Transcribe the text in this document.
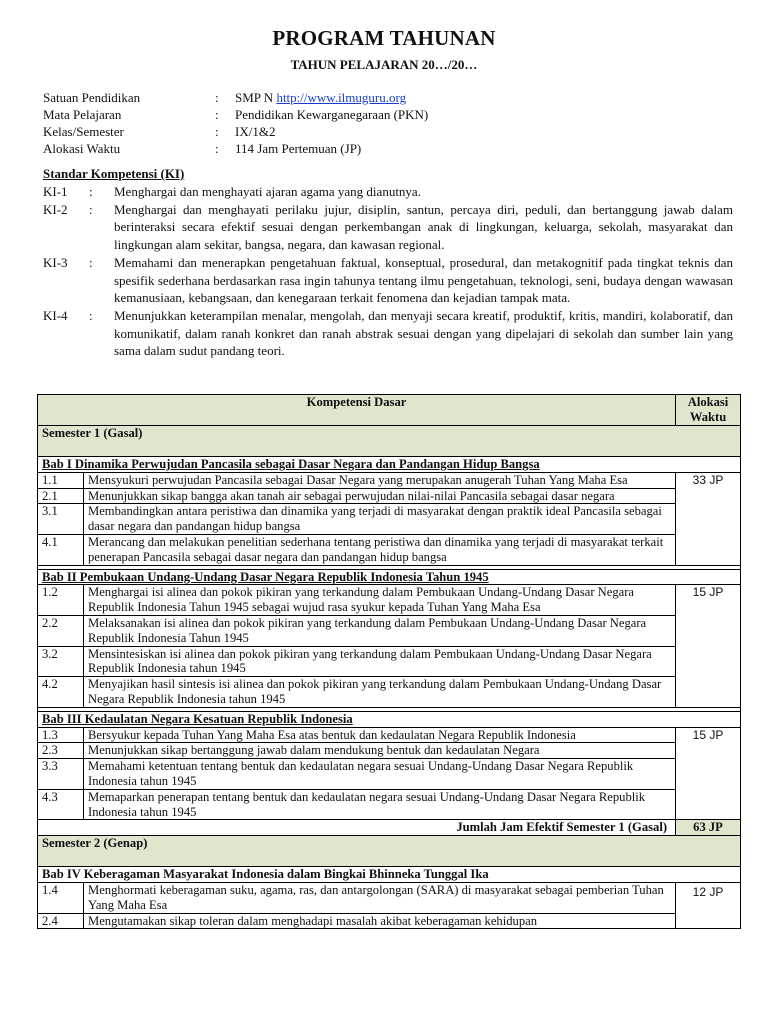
PROGRAM TAHUNAN
TAHUN PELAJARAN 20…/20…
Satuan Pendidikan	:	SMP N http://www.ilmuguru.org
Mata Pelajaran	:	Pendidikan Kewarganegaraan (PKN)
Kelas/Semester	:	IX/1&2
Alokasi Waktu	:	114 Jam Pertemuan (JP)
Standar Kompetensi (KI)
KI-1	:	Menghargai dan menghayati ajaran agama yang dianutnya.
KI-2	:	Menghargai dan menghayati perilaku jujur, disiplin, santun, percaya diri, peduli, dan bertanggung jawab dalam berinteraksi secara efektif sesuai dengan perkembangan anak di lingkungan, keluarga, sekolah, masyarakat dan lingkungan alam sekitar, bangsa, negara, dan kawasan regional.
KI-3	:	Memahami dan menerapkan pengetahuan faktual, konseptual, prosedural, dan metakognitif pada tingkat teknis dan spesifik sederhana berdasarkan rasa ingin tahunya tentang ilmu pengetahuan, teknologi, seni, budaya dengan wawasan kemanusiaan, kebangsaan, dan kenegaraan terkait fenomena dan kejadian tampak mata.
KI-4	:	Menunjukkan keterampilan menalar, mengolah, dan menyaji secara kreatif, produktif, kritis, mandiri, kolaboratif, dan komunikatif, dalam ranah konkret dan ranah abstrak sesuai dengan yang dipelajari di sekolah dan sumber lain yang sama dalam sudut pandang teori.
Kompetensi Dasar		Alokasi Waktu
Semester 1 (Gasal)		
Bab I Dinamika Perwujudan Pancasila sebagai Dasar Negara dan Pandangan Hidup Bangsa		
1.1	Mensyukuri perwujudan Pancasila sebagai Dasar Negara yang merupakan anugerah Tuhan Yang Maha Esa	33 JP
2.1	Menunjukkan sikap bangga akan tanah air sebagai perwujudan nilai-nilai Pancasila sebagai dasar negara	
3.1	Membandingkan antara peristiwa dan dinamika yang terjadi di masyarakat dengan praktik ideal Pancasila sebagai dasar negara dan pandangan hidup bangsa	
4.1	Merancang dan melakukan penelitian sederhana tentang peristiwa dan dinamika yang terjadi di masyarakat terkait penerapan Pancasila sebagai dasar negara dan pandangan hidup bangsa	

Bab II Pembukaan Undang-Undang Dasar Negara Republik Indonesia Tahun 1945		
1.2	Menghargai isi alinea dan pokok pikiran yang terkandung dalam Pembukaan Undang-Undang Dasar Negara Republik Indonesia Tahun 1945 sebagai wujud rasa syukur kepada Tuhan Yang Maha Esa	15 JP
2.2	Melaksanakan isi alinea dan pokok pikiran yang terkandung dalam Pembukaan Undang-Undang Dasar Negara Republik Indonesia Tahun 1945	
3.2	Mensintesiskan isi alinea dan pokok pikiran yang terkandung dalam Pembukaan Undang-Undang Dasar Negara Republik Indonesia tahun 1945	
4.2	Menyajikan hasil sintesis isi alinea dan pokok pikiran yang terkandung dalam Pembukaan Undang-Undang Dasar Negara Republik Indonesia tahun 1945	

Bab III Kedaulatan Negara Kesatuan Republik Indonesia		
1.3	Bersyukur kepada Tuhan Yang Maha Esa atas bentuk dan kedaulatan Negara Republik Indonesia	15 JP
2.3	Menunjukkan sikap bertanggung jawab dalam mendukung bentuk dan kedaulatan Negara	
3.3	Memahami ketentuan tentang bentuk dan kedaulatan negara sesuai Undang-Undang Dasar Negara Republik Indonesia tahun 1945	
4.3	Memaparkan penerapan tentang bentuk dan kedaulatan negara sesuai Undang-Undang Dasar Negara Republik Indonesia tahun 1945	
Jumlah Jam Efektif Semester 1 (Gasal)		63 JP
Semester 2 (Genap)		
Bab IV Keberagaman Masyarakat Indonesia dalam Bingkai Bhinneka Tunggal Ika		
1.4	Menghormati keberagaman suku, agama, ras, dan antargolongan (SARA) di masyarakat sebagai pemberian Tuhan Yang Maha Esa	12 JP
2.4	Mengutamakan sikap toleran dalam menghadapi masalah akibat keberagaman kehidupan	
